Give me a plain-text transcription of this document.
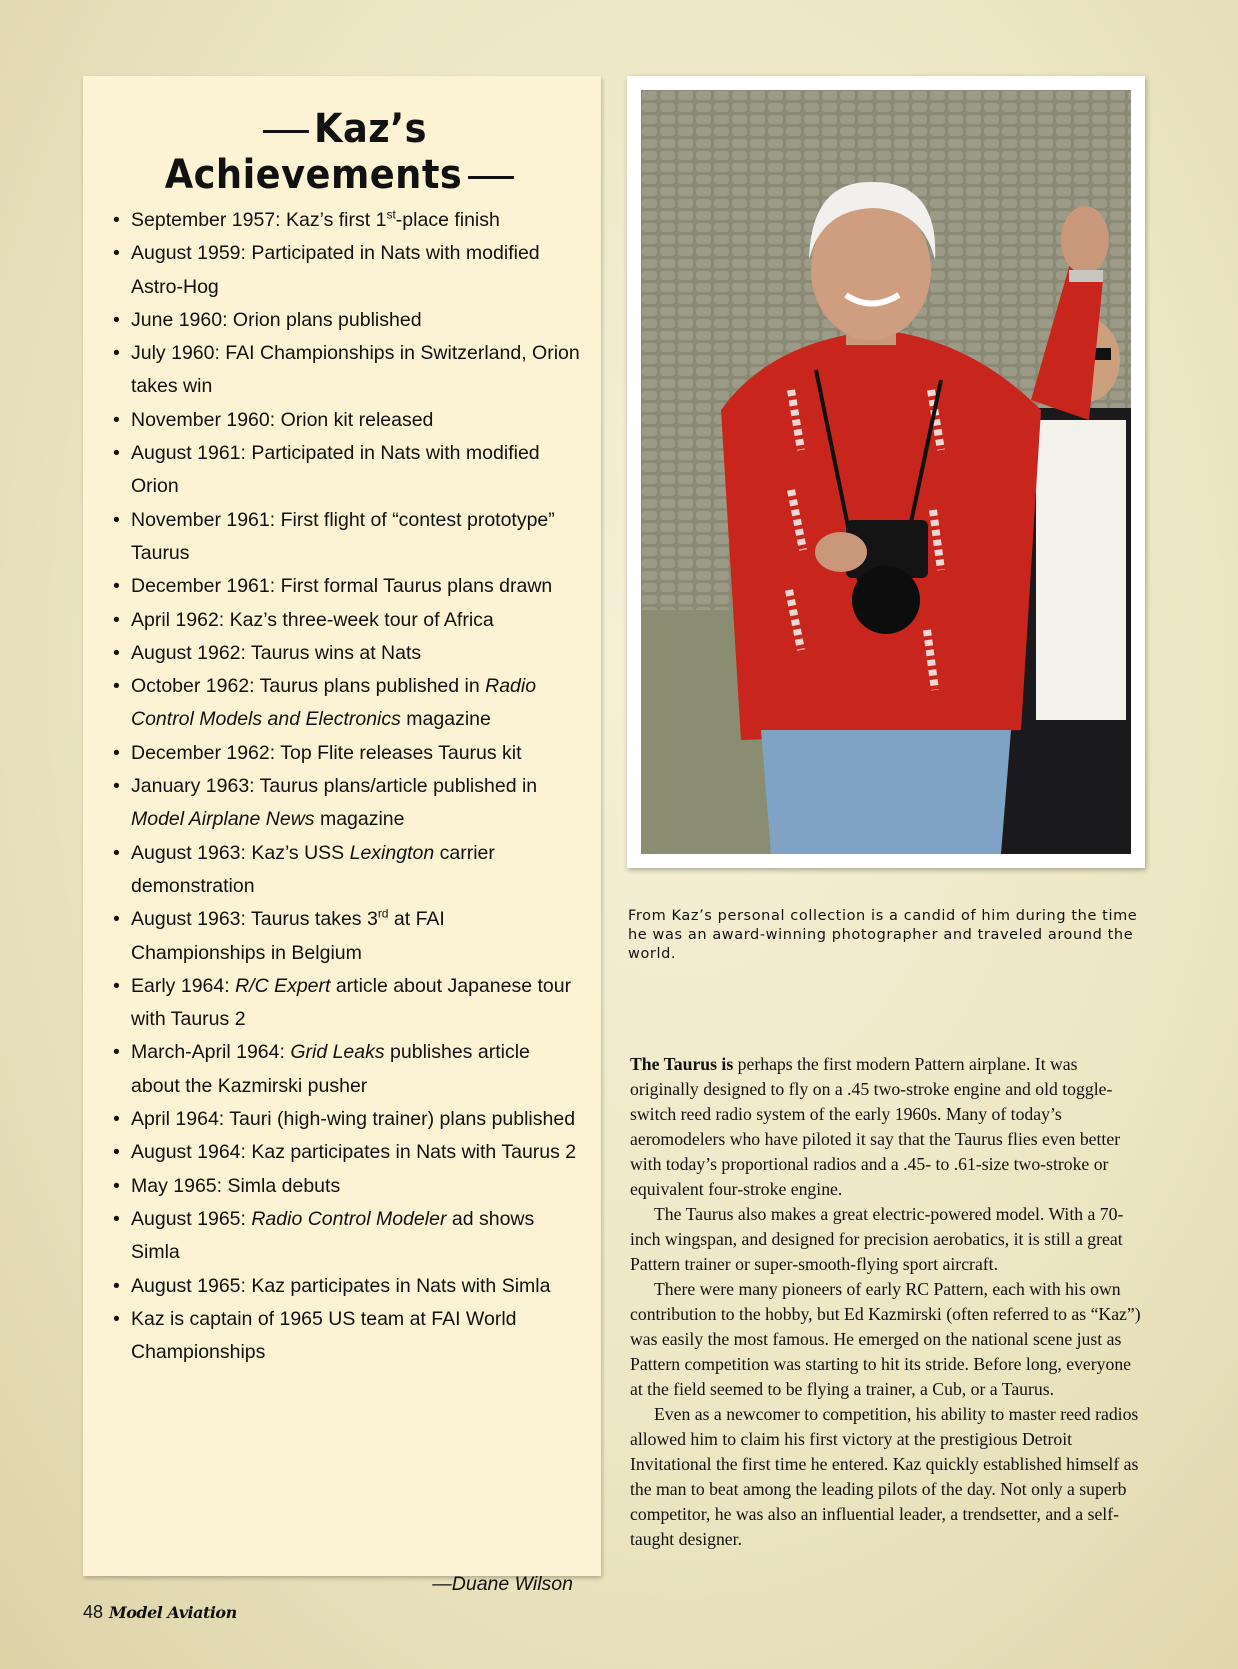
Kaz’s Achievements
• September 1957: Kaz’s first 1st-place finish
• August 1959: Participated in Nats with modified Astro-Hog
• June 1960: Orion plans published
• July 1960: FAI Championships in Switzerland, Orion takes win
• November 1960: Orion kit released
• August 1961: Participated in Nats with modified Orion
• November 1961: First flight of “contest prototype” Taurus
• December 1961: First formal Taurus plans drawn
• April 1962: Kaz’s three-week tour of Africa
• August 1962: Taurus wins at Nats
• October 1962: Taurus plans published in Radio Control Models and Electronics magazine
• December 1962: Top Flite releases Taurus kit
• January 1963: Taurus plans/article published in Model Airplane News magazine
• August 1963: Kaz’s USS Lexington carrier demonstration
• August 1963: Taurus takes 3rd at FAI Championships in Belgium
• Early 1964: R/C Expert article about Japanese tour with Taurus 2
• March-April 1964: Grid Leaks publishes article about the Kazmirski pusher
• April 1964: Tauri (high-wing trainer) plans published
• August 1964: Kaz participates in Nats with Taurus 2
• May 1965: Simla debuts
• August 1965: Radio Control Modeler ad shows Simla
• August 1965: Kaz participates in Nats with Simla
• Kaz is captain of 1965 US team at FAI World Championships
—Duane Wilson
From Kaz’s personal collection is a candid of him during the time he was an award-winning photographer and traveled around the world.

The Taurus is perhaps the first modern Pattern airplane. It was originally designed to fly on a .45 two-stroke engine and old toggle-switch reed radio system of the early 1960s. Many of today’s aeromodelers who have piloted it say that the Taurus flies even better with today’s proportional radios and a .45- to .61-size two-stroke or equivalent four-stroke engine.

The Taurus also makes a great electric-powered model. With a 70-inch wingspan, and designed for precision aerobatics, it is still a great Pattern trainer or super-smooth-flying sport aircraft.

There were many pioneers of early RC Pattern, each with his own contribution to the hobby, but Ed Kazmirski (often referred to as “Kaz”) was easily the most famous. He emerged on the national scene just as Pattern competition was starting to hit its stride. Before long, everyone at the field seemed to be flying a trainer, a Cub, or a Taurus.

Even as a newcomer to competition, his ability to master reed radios allowed him to claim his first victory at the prestigious Detroit Invitational the first time he entered. Kaz quickly established himself as the man to beat among the leading pilots of the day. Not only a superb competitor, he was also an influential leader, a trendsetter, and a self-taught designer.

48 Model Aviation
